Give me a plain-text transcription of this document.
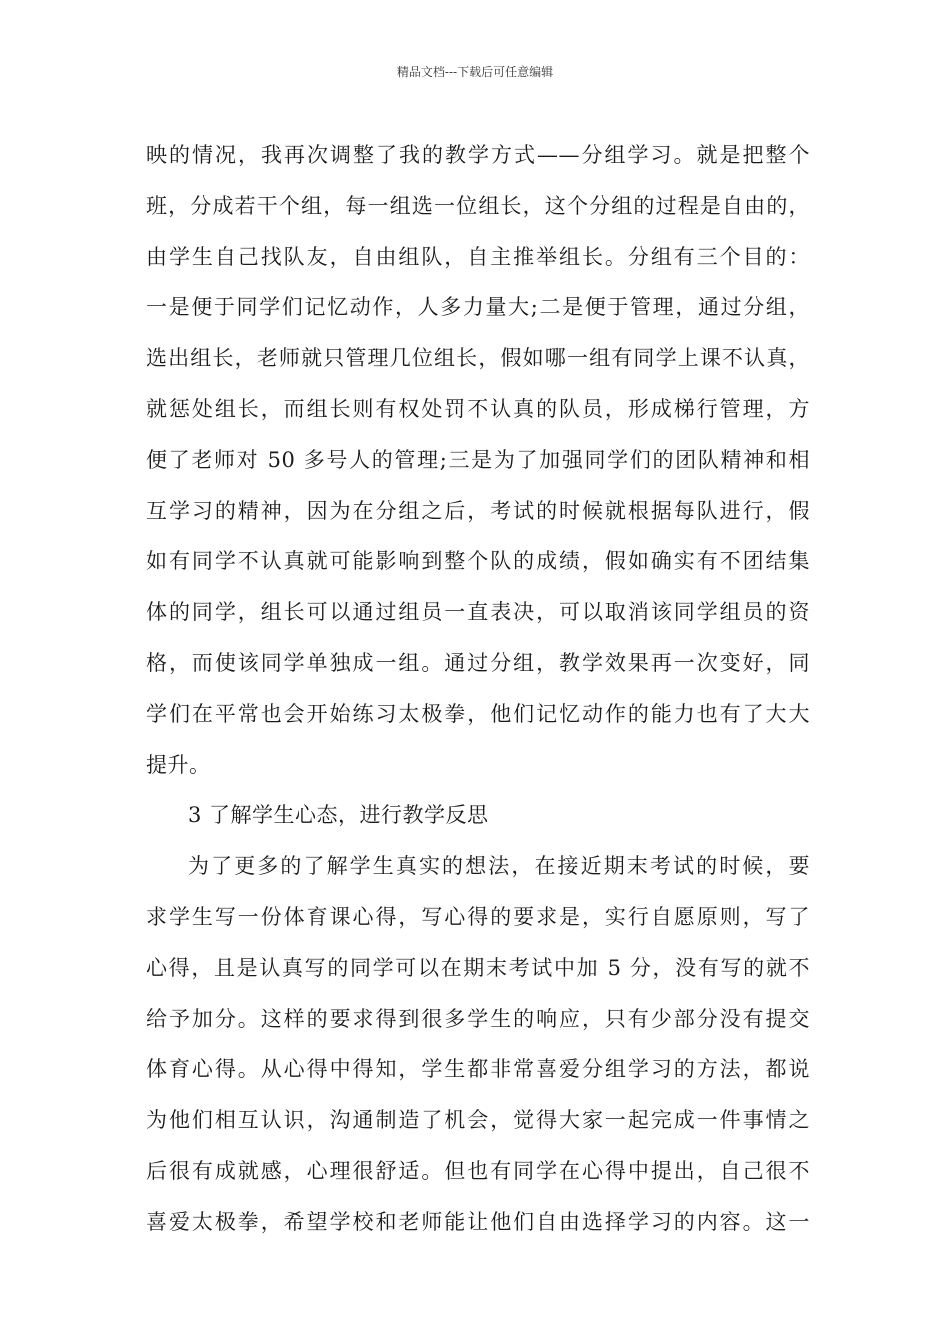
精品文档---下载后可任意编辑
映的情况，我再次调整了我的教学方式——分组学习。就是把整个
班，分成若干个组，每一组选一位组长，这个分组的过程是自由的，
由学生自己找队友，自由组队，自主推举组长。分组有三个目的：
一是便于同学们记忆动作，人多力量大;二是便于管理，通过分组，
选出组长，老师就只管理几位组长，假如哪一组有同学上课不认真，
就惩处组长，而组长则有权处罚不认真的队员，形成梯行管理，方
便了老师对 50 多号人的管理;三是为了加强同学们的团队精神和相
互学习的精神，因为在分组之后，考试的时候就根据每队进行，假
如有同学不认真就可能影响到整个队的成绩，假如确实有不团结集
体的同学，组长可以通过组员一直表决，可以取消该同学组员的资
格，而使该同学单独成一组。通过分组，教学效果再一次变好，同
学们在平常也会开始练习太极拳，他们记忆动作的能力也有了大大
提升。
3 了解学生心态，进行教学反思
为了更多的了解学生真实的想法，在接近期末考试的时候，要
求学生写一份体育课心得，写心得的要求是，实行自愿原则，写了
心得，且是认真写的同学可以在期末考试中加 5 分，没有写的就不
给予加分。这样的要求得到很多学生的响应，只有少部分没有提交
体育心得。从心得中得知，学生都非常喜爱分组学习的方法，都说
为他们相互认识，沟通制造了机会，觉得大家一起完成一件事情之
后很有成就感，心理很舒适。但也有同学在心得中提出，自己很不
喜爱太极拳，希望学校和老师能让他们自由选择学习的内容。这一
